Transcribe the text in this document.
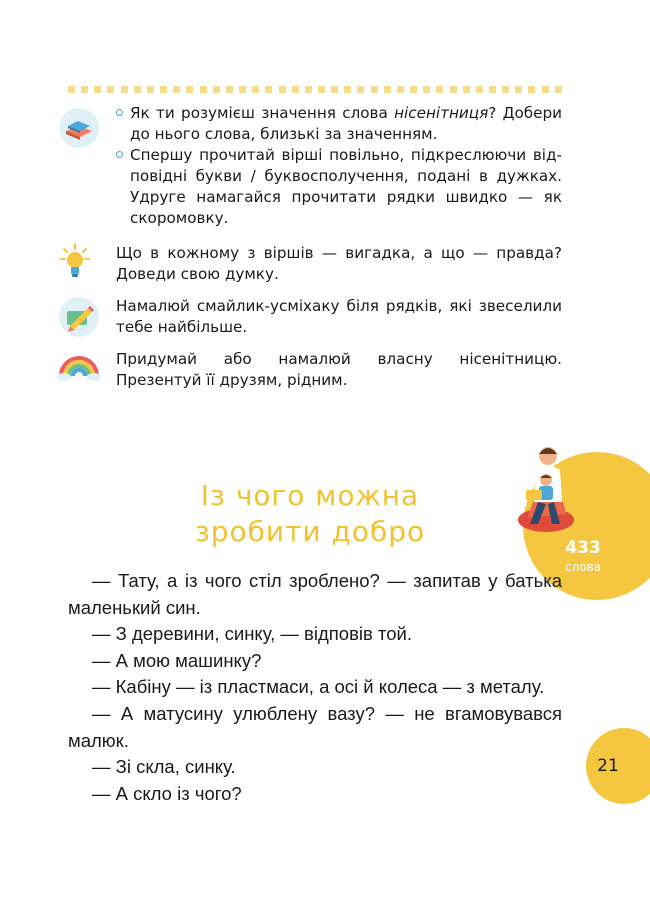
Як ти розумієш значення слова нісенітниця? Добери до нього слова, близькі за значенням.

Спершу прочитай вірші повільно, підкреслюючи відповідні букви / буквосполучення, подані в дужках. Удруге намагайся прочитати рядки швидко — як скоромовку.

Що в кожному з віршів — вигадка, а що — правда? Доведи свою думку.

Намалюй смайлик-усміхаку біля рядків, які звеселили тебе найбільше.

Придумай або намалюй власну нісенітницю. Презентуй її друзям, рідним.

433
слова
Із чого можна
зробити добро

— Тату, а із чого стіл зроблено? — запитав у батька маленький син.

— З деревини, синку, — відповів той.

— А мою машинку?

— Кабіну — із пластмаси, а осі й колеса — з металу.

— А матусину улюблену вазу? — не вгамовувався малюк.

— Зі скла, синку.

— А скло із чого?

21
